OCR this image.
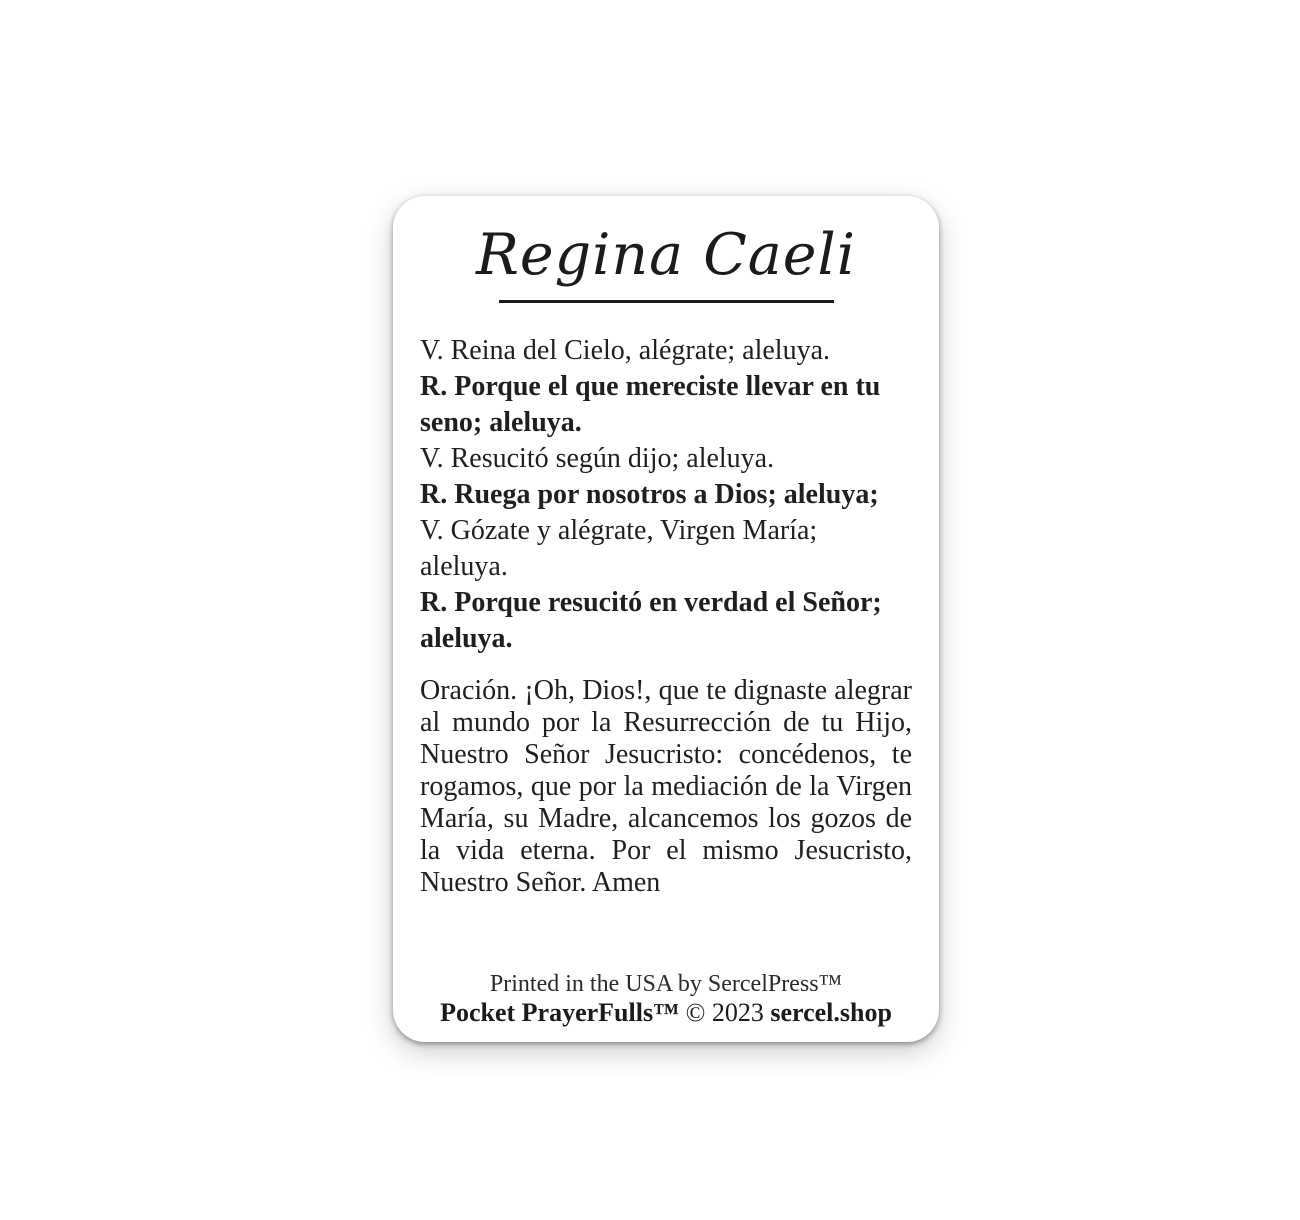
Regina Caeli

V. Reina del Cielo, alégrate; aleluya.

R. Porque el que mereciste llevar en tu seno; aleluya.

V. Resucitó según dijo; aleluya.

R. Ruega por nosotros a Dios; aleluya;

V. Gózate y alégrate, Virgen María; aleluya.

R. Porque resucitó en verdad el Señor; aleluya.

Oración. ¡Oh, Dios!, que te dignaste alegrar al mundo por la Resurrección de tu Hijo, Nuestro Señor Jesucristo: concédenos, te rogamos, que por la mediación de la Virgen María, su Madre, alcancemos los gozos de la vida eterna. Por el mismo Jesucristo, Nuestro Señor. Amen

Printed in the USA by SercelPress™
Pocket PrayerFulls™ © 2023 sercel.shop
